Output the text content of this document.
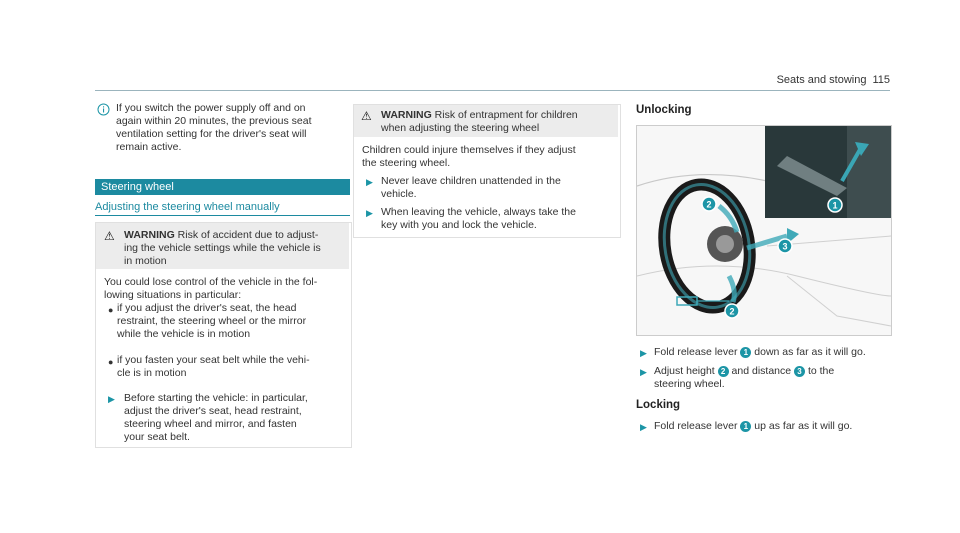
Seats and stowing 115
If you switch the power supply off and on
again within 20 minutes, the previous seat
ventilation setting for the driver's seat will
remain active.
Steering wheel
Adjusting the steering wheel manually
⚠ WARNING Risk of accident due to adjust-
ing the vehicle settings while the vehicle is
in motion
You could lose control of the vehicle in the fol-
lowing situations in particular:
● if you adjust the driver's seat, the head
restraint, the steering wheel or the mirror
while the vehicle is in motion
● if you fasten your seat belt while the vehi-
cle is in motion
▶ Before starting the vehicle: in particular,
adjust the driver's seat, head restraint,
steering wheel and mirror, and fasten
your seat belt.
⚠ WARNING Risk of entrapment for children
when adjusting the steering wheel
Children could injure themselves if they adjust
the steering wheel.
▶ Never leave children unattended in the
vehicle.
▶ When leaving the vehicle, always take the
key with you and lock the vehicle.
Unlocking
1
2
3
2
▶ Fold release lever 1 down as far as it will go.
▶ Adjust height 2 and distance 3 to the
steering wheel.
Locking
▶ Fold release lever 1 up as far as it will go.
